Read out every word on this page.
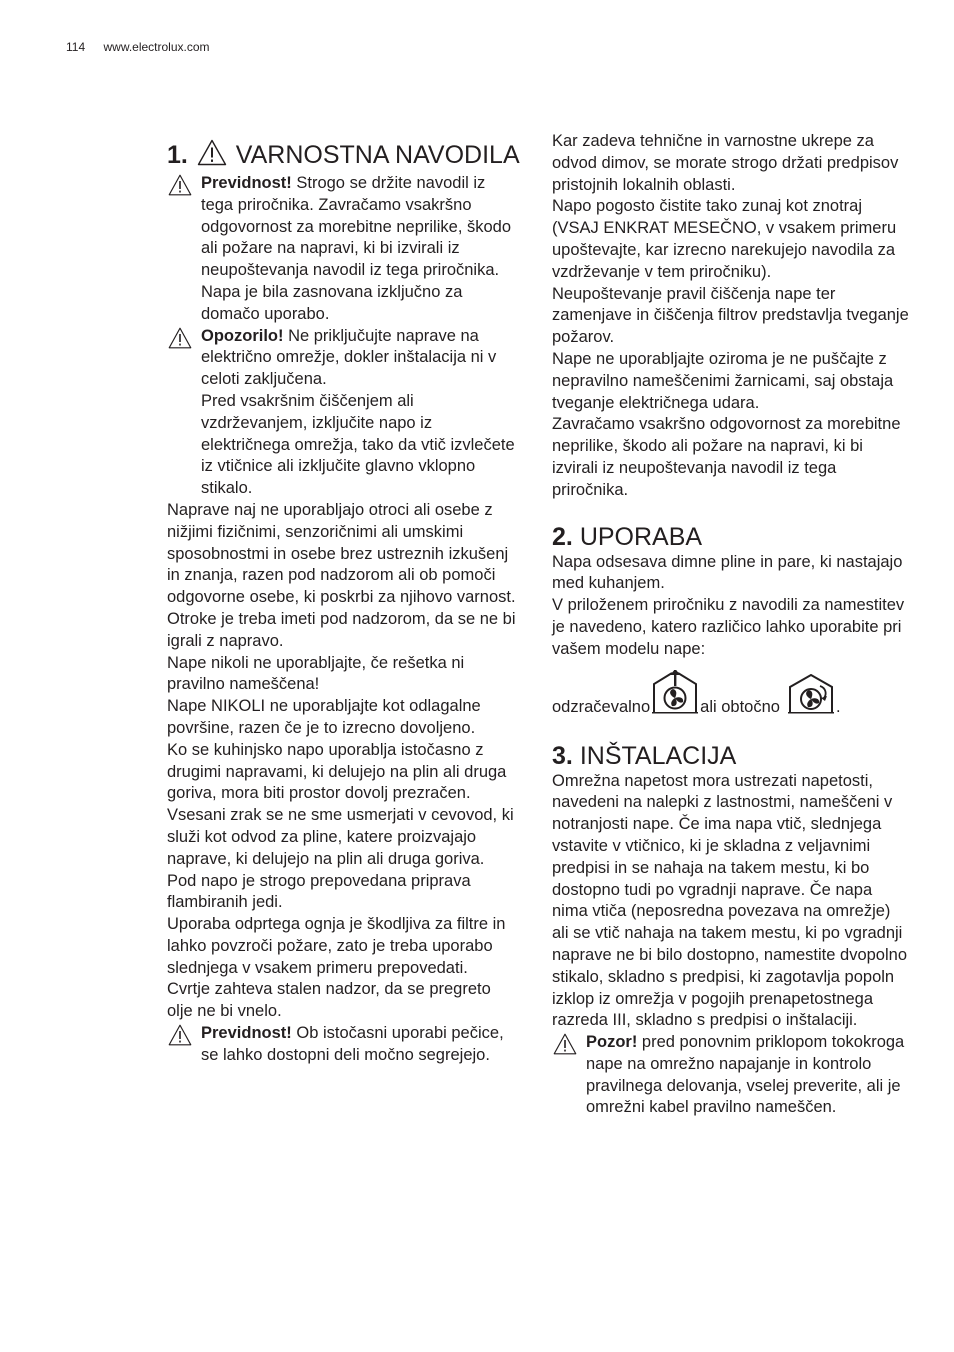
114 www.electrolux.com
1. VARNOSTNA NAVODILA

Previdnost! Strogo se držite navodil iz tega priročnika. Zavračamo vsakršno odgovornost za morebitne neprilike, škodo ali požare na napravi, ki bi izvirali iz neupoštevanja navodil iz tega priročnika. Napa je bila zasnovana izključno za domačo uporabo.

Opozorilo! Ne priključujte naprave na električno omrežje, dokler inštalacija ni v celoti zaključena.

Pred vsakršnim čiščenjem ali vzdrževanjem, izključite napo iz električnega omrežja, tako da vtič izvlečete iz vtičnice ali izključite glavno vklopno stikalo.

Naprave naj ne uporabljajo otroci ali osebe z nižjimi fizičnimi, senzoričnimi ali umskimi sposobnostmi in osebe brez ustreznih izkušenj in znanja, razen pod nadzorom ali ob pomoči odgovorne osebe, ki poskrbi za njihovo varnost.

Otroke je treba imeti pod nadzorom, da se ne bi igrali z napravo.

Nape nikoli ne uporabljajte, če rešetka ni pravilno nameščena!

Nape NIKOLI ne uporabljajte kot odlagalne površine, razen če je to izrecno dovoljeno.

Ko se kuhinjsko napo uporablja istočasno z drugimi napravami, ki delujejo na plin ali druga goriva, mora biti prostor dovolj prezračen.

Vsesani zrak se ne sme usmerjati v cevovod, ki služi kot odvod za pline, katere proizvajajo naprave, ki delujejo na plin ali druga goriva.

Pod napo je strogo prepovedana priprava flambiranih jedi.

Uporaba odprtega ognja je škodljiva za filtre in lahko povzroči požare, zato je treba uporabo slednjega v vsakem primeru prepovedati.

Cvrtje zahteva stalen nadzor, da se pregreto olje ne bi vnelo.

Previdnost! Ob istočasni uporabi pečice, se lahko dostopni deli močno segrejejo.

Kar zadeva tehnične in varnostne ukrepe za odvod dimov, se morate strogo držati predpisov pristojnih lokalnih oblasti.

Napo pogosto čistite tako zunaj kot znotraj (VSAJ ENKRAT MESEČNO, v vsakem primeru upoštevajte, kar izrecno narekujejo navodila za vzdrževanje v tem priročniku).

Neupoštevanje pravil čiščenja nape ter zamenjave in čiščenja filtrov predstavlja tveganje požarov.

Nape ne uporabljajte oziroma je ne puščajte z nepravilno nameščenimi žarnicami, saj obstaja tveganje električnega udara.

Zavračamo vsakršno odgovornost za morebitne neprilike, škodo ali požare na napravi, ki bi izvirali iz neupoštevanja navodil iz tega priročnika.

2. UPORABA

Napa odsesava dimne pline in pare, ki nastajajo med kuhanjem.

V priloženem priročniku z navodili za namestitev je navedeno, katero različico lahko uporabite pri vašem modelu nape:

odzračevalno	ali obtočno	.
3. INŠTALACIJA

Omrežna napetost mora ustrezati napetosti, navedeni na nalepki z lastnostmi, nameščeni v notranjosti nape. Če ima napa vtič, slednjega vstavite v vtičnico, ki je skladna z veljavnimi predpisi in se nahaja na takem mestu, ki bo dostopno tudi po vgradnji naprave. Če napa nima vtiča (neposredna povezava na omrežje) ali se vtič nahaja na takem mestu, ki po vgradnji naprave ne bi bilo dostopno, namestite dvopolno stikalo, skladno s predpisi, ki zagotavlja popoln izklop iz omrežja v pogojih prenapetostnega razreda III, skladno s predpisi o inštalaciji.

Pozor! pred ponovnim priklopom tokokroga nape na omrežno napajanje in kontrolo pravilnega delovanja, vselej preverite, ali je omrežni kabel pravilno nameščen.
